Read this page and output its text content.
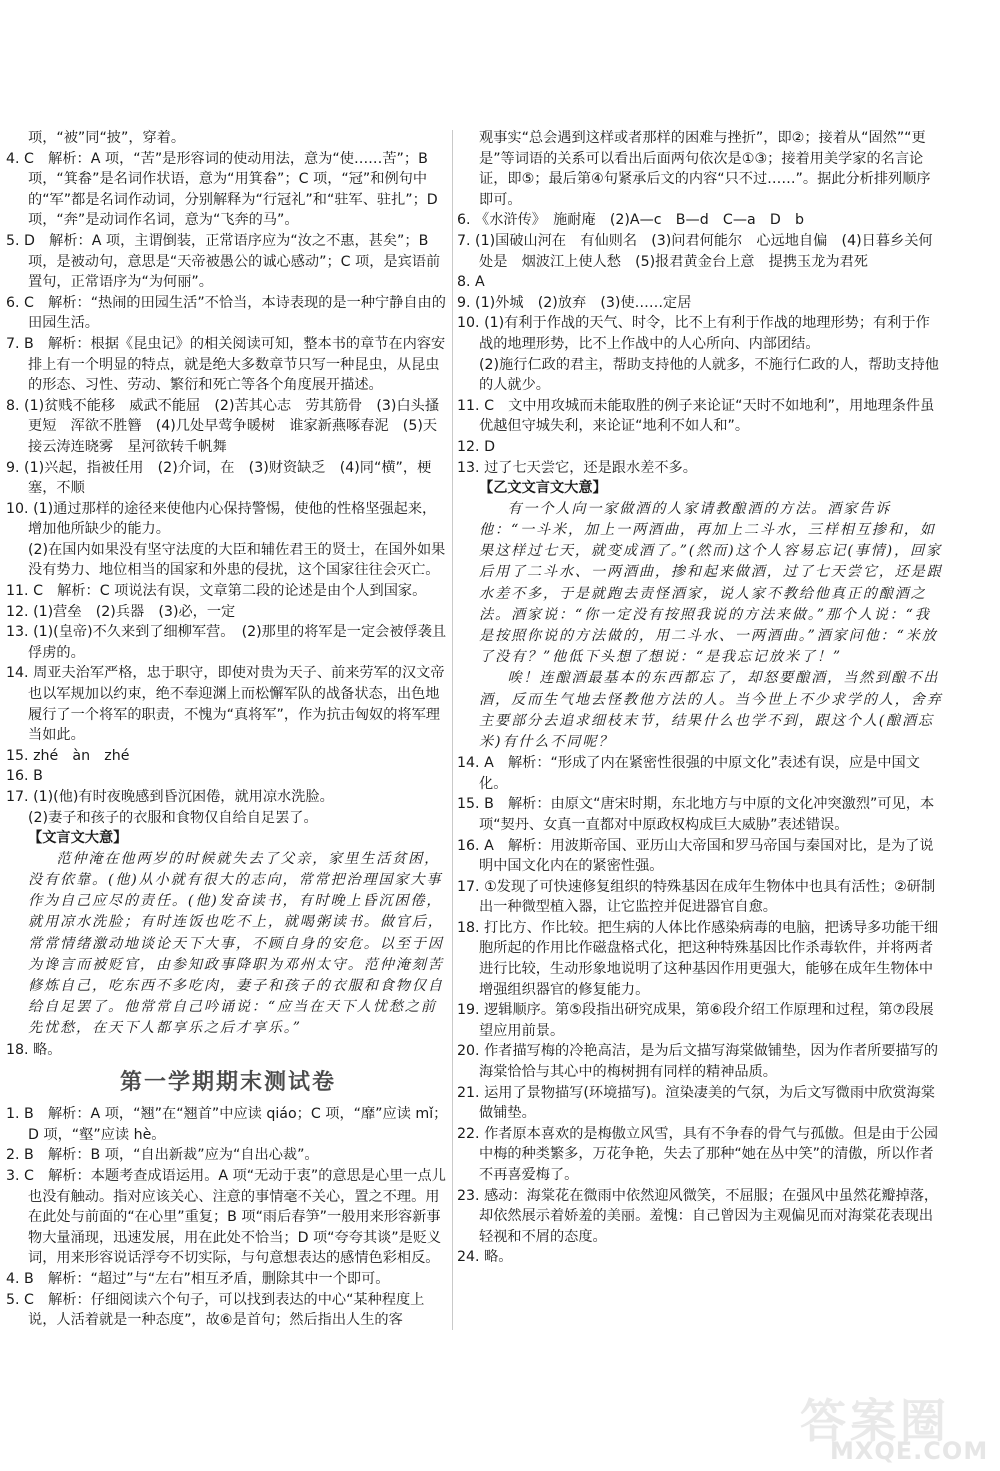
项，“被”同“披”，穿着。

4. C　解析：A 项，“苦”是形容词的使动用法，意为“使……苦”；B 项，“箕畚”是名词作状语，意为“用箕畚”；C 项，“冠”和例句中的“军”都是名词作动词，分别解释为“行冠礼”和“驻军、驻扎”；D 项，“奔”是动词作名词，意为“飞奔的马”。

5. D　解析：A 项，主谓倒装，正常语序应为“汝之不惠，甚矣”；B 项，是被动句，意思是“天帝被愚公的诚心感动”；C 项，是宾语前置句，正常语序为“为何丽”。

6. C　解析：“热闹的田园生活”不恰当，本诗表现的是一种宁静自由的田园生活。

7. B　解析：根据《昆虫记》的相关阅读可知，整本书的章节在内容安排上有一个明显的特点，就是绝大多数章节只写一种昆虫，从昆虫的形态、习性、劳动、繁衍和死亡等各个角度展开描述。

8. (1)贫贱不能移　威武不能屈　(2)苦其心志　劳其筋骨　(3)白头搔更短　浑欲不胜簪　(4)几处早莺争暖树　谁家新燕啄春泥　(5)天接云涛连晓雾　星河欲转千帆舞

9. (1)兴起，指被任用　(2)介词，在　(3)财资缺乏　(4)同“横”，梗塞，不顺

10. (1)通过那样的途径来使他内心保持警惕，使他的性格坚强起来，增加他所缺少的能力。

(2)在国内如果没有坚守法度的大臣和辅佐君王的贤士，在国外如果没有势力、地位相当的国家和外患的侵扰，这个国家往往会灭亡。

11. C　解析：C 项说法有误，文章第二段的论述是由个人到国家。

12. (1)营垒　(2)兵器　(3)必，一定

13. (1)(皇帝)不久来到了细柳军营。　(2)那里的将军是一定会被俘袭且俘虏的。

14. 周亚夫治军严格，忠于职守，即使对贵为天子、前来劳军的汉文帝也以军规加以约束，绝不奉迎渊上而松懈军队的战备状态，出色地履行了一个将军的职责，不愧为“真将军”，作为抗击匈奴的将军理当如此。

15. zhé　àn　zhé

16. B

17. (1)(他)有时夜晚感到昏沉困倦，就用凉水洗脸。

(2)妻子和孩子的衣服和食物仅自给自足罢了。

【文言文大意】

范仲淹在他两岁的时候就失去了父亲，家里生活贫困，没有依靠。(他)从小就有很大的志向，常常把治理国家大事作为自己应尽的责任。(他)发奋读书，有时晚上昏沉困倦，就用凉水洗脸；有时连饭也吃不上，就喝粥读书。做官后，常常情绪激动地谈论天下大事，不顾自身的安危。以至于因为谗言而被贬官，由参知政事降职为邓州太守。范仲淹刻苦修炼自己，吃东西不多吃肉，妻子和孩子的衣服和食物仅自给自足罢了。他常常自己吟诵说：“应当在天下人忧愁之前先忧愁，在天下人都享乐之后才享乐。”

18. 略。

第一学期期末测试卷

1. B　解析：A 项，“翘”在“翘首”中应读 qiáo；C 项，“靡”应读 mǐ；D 项，“壑”应读 hè。

2. B　解析：B 项，“自出新裁”应为“自出心裁”。

3. C　解析：本题考查成语运用。A 项“无动于衷”的意思是心里一点儿也没有触动。指对应该关心、注意的事情毫不关心，置之不理。用在此处与前面的“在心里”重复；B 项“雨后春笋”一般用来形容新事物大量涌现，迅速发展，用在此处不恰当；D 项“夸夸其谈”是贬义词，用来形容说话浮夸不切实际，与句意想表达的感情色彩相反。

4. B　解析：“超过”与“左右”相互矛盾，删除其中一个即可。

5. C　解析：仔细阅读六个句子，可以找到表达的中心“某种程度上说，人活着就是一种态度”，故⑥是首句；然后指出人生的客

观事实“总会遇到这样或者那样的困难与挫折”，即②；接着从“固然”“更是”等词语的关系可以看出后面两句依次是①③；接着用美学家的名言论证，即⑤；最后第④句紧承后文的内容“只不过……”。据此分析排列顺序即可。

6. 《水浒传》　施耐庵　(2)A—c　B—d　C—a　D　b

7. (1)国破山河在　有仙则名　(3)问君何能尔　心远地自偏　(4)日暮乡关何处是　烟波江上使人愁　(5)报君黄金台上意　提携玉龙为君死

8. A

9. (1)外城　(2)放弃　(3)使……定居

10. (1)有利于作战的天气、时令，比不上有利于作战的地理形势；有利于作战的地理形势，比不上作战中的人心所向、内部团结。

(2)施行仁政的君主，帮助支持他的人就多，不施行仁政的人，帮助支持他的人就少。

11. C　文中用攻城而未能取胜的例子来论证“天时不如地利”，用地理条件虽优越但守城失利，来论证“地利不如人和”。

12. D

13. 过了七天尝它，还是跟水差不多。

【乙文文言文大意】

有一个人向一家做酒的人家请教酿酒的方法。酒家告诉他：“一斗米，加上一两酒曲，再加上二斗水，三样相互掺和，如果这样过七天，就变成酒了。”(然而)这个人容易忘记(事情)，回家后用了二斗水、一两酒曲，掺和起来做酒，过了七天尝它，还是跟水差不多，于是就跑去责怪酒家，说人家不教给他真正的酿酒之法。酒家说：“你一定没有按照我说的方法来做。”那个人说：“我是按照你说的方法做的，用二斗水、一两酒曲。”酒家问他：“米放了没有？”他低下头想了想说：“是我忘记放米了！”

唉！连酿酒最基本的东西都忘了，却怒要酿酒，当然到酿不出酒，反而生气地去怪教他方法的人。当今世上不少求学的人，舍弃主要部分去追求细枝末节，结果什么也学不到，跟这个人(酿酒忘米)有什么不同呢？

14. A　解析：“形成了内在紧密性很强的中原文化”表述有误，应是中国文化。

15. B　解析：由原文“唐宋时期，东北地方与中原的文化冲突激烈”可见，本项“契丹、女真一直都对中原政权构成巨大威胁”表述错误。

16. A　解析：用波斯帝国、亚历山大帝国和罗马帝国与秦国对比，是为了说明中国文化内在的紧密性强。

17. ①发现了可快速修复组织的特殊基因在成年生物体中也具有活性；②研制出一种微型植入器，让它监控并促进器官自愈。

18. 打比方、作比较。把生病的人体比作感染病毒的电脑，把诱导多功能干细胞所起的作用比作磁盘格式化，把这种特殊基因比作杀毒软件，并将两者进行比较，生动形象地说明了这种基因作用更强大，能够在成年生物体中增强组织器官的修复能力。

19. 逻辑顺序。第⑤段指出研究成果，第⑥段介绍工作原理和过程，第⑦段展望应用前景。

20. 作者描写梅的冷艳高洁，是为后文描写海棠做铺垫，因为作者所要描写的海棠恰恰与其心中的梅树拥有同样的精神品质。

21. 运用了景物描写(环境描写)。渲染凄美的气氛，为后文写微雨中欣赏海棠做铺垫。

22. 作者原本喜欢的是梅傲立风雪，具有不争春的骨气与孤傲。但是由于公园中梅的种类繁多，万花争艳，失去了那种“她在丛中笑”的清傲，所以作者不再喜爱梅了。

23. 感动：海棠花在微雨中依然迎风微笑，不屈服；在强风中虽然花瓣掉落，却依然展示着娇羞的美丽。羞愧：自己曾因为主观偏见而对海棠花表现出轻视和不屑的态度。

24. 略。

答案圈
MXQE.COM
